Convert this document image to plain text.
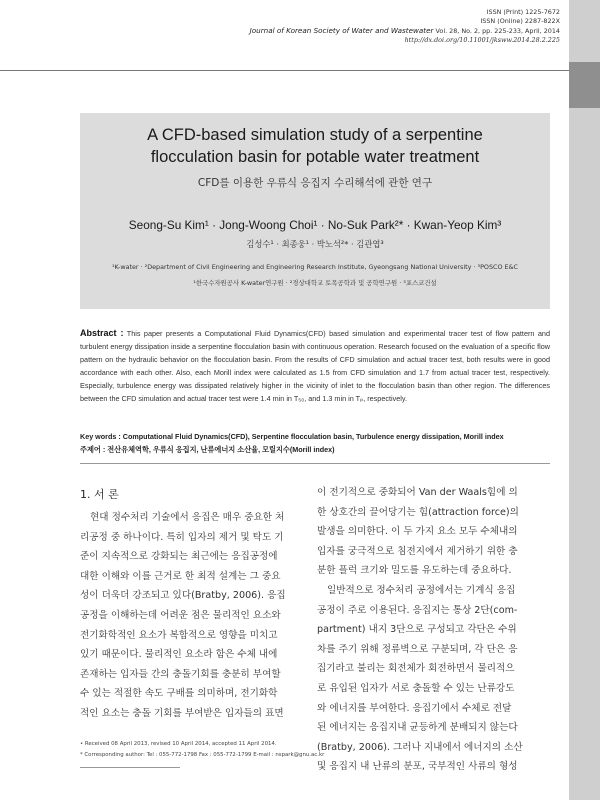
ISSN (Print) 1225-7672
ISSN (Online) 2287-822X
Journal of Korean Society of Water and Wastewater Vol. 28, No. 2, pp. 225-233, April, 2014
http://dx.doi.org/10.11001/jksww.2014.28.2.225
A CFD-based simulation study of a serpentine
flocculation basin for potable water treatment
CFD를 이용한 우류식 응집지 수리해석에 관한 연구
Seong-Su Kim¹ · Jong-Woong Choi¹ · No-Suk Park²* · Kwan-Yeop Kim³
김성수¹ · 최종웅¹ · 박노석²* · 김관엽³
¹K-water · ²Department of Civil Engineering and Engineering Research Institute, Gyeongsang National University · ³POSCO E&C
¹한국수자원공사 K-water연구원 · ²경상대학교 토목공학과 및 공학연구원 · ³포스코건설
Abstract : This paper presents a Computational Fluid Dynamics(CFD) based simulation and experimental tracer test of flow pattern and turbulent energy dissipation inside a serpentine flocculation basin with continuous operation. Research focused on the evaluation of a specific flow pattern on the hydraulic behavior on the flocculation basin. From the results of CFD simulation and actual tracer test, both results were in good accordance with each other. Also, each Morill index were calculated as 1.5 from CFD simulation and 1.7 from actual tracer test, respectively. Especially, turbulence energy was dissipated relatively higher in the vicinity of inlet to the flocculation basin than other region. The differences between the CFD simulation and actual tracer test were 1.4 min in T₅₀, and 1.3 min in Tₚ, respectively.
Key words : Computational Fluid Dynamics(CFD), Serpentine flocculation basin, Turbulence energy dissipation, Morill index
주제어 : 전산유체역학, 우류식 응집지, 난류에너지 소산율, 모릴지수(Morill index)
1. 서 론
현대 정수처리 기술에서 응집은 매우 중요한 처
리공정 중 하나이다. 특히 입자의 제거 및 탁도 기
준이 지속적으로 강화되는 최근에는 응집공정에
대한 이해와 이를 근거로 한 최적 설계는 그 중요
성이 더욱더 강조되고 있다(Bratby, 2006). 응집
공정을 이해하는데 어려운 점은 물리적인 요소와
전기화학적인 요소가 복합적으로 영향을 미치고
있기 때문이다. 물리적인 요소라 함은 수체 내에
존재하는 입자들 간의 충돌기회를 충분히 부여할
수 있는 적절한 속도 구배를 의미하며, 전기화학
적인 요소는 충돌 기회를 부여받은 입자들의 표면
이 전기적으로 중화되어 Van der Waals힘에 의
한 상호간의 끌어당기는 힘(attraction force)의
발생을 의미한다. 이 두 가지 요소 모두 수체내의
입자를 궁극적으로 침전지에서 제거하기 위한 충
분한 플럭 크기와 밀도를 유도하는데 중요하다.
일반적으로 정수처리 공정에서는 기계식 응집
공정이 주로 이용된다. 응집지는 통상 2단(com-
partment) 내지 3단으로 구성되고 각단은 수위
차를 주기 위해 정류벽으로 구분되며, 각 단은 응
집기라고 불리는 회전체가 회전하면서 물리적으
로 유입된 입자가 서로 충돌할 수 있는 난류강도
와 에너지를 부여한다. 응집기에서 수체로 전달
된 에너지는 응집지내 균등하게 분배되지 않는다
(Bratby, 2006). 그러나 지내에서 에너지의 소산
및 응집지 내 난류의 분포, 국부적인 사류의 형성
• Received 08 April 2013, revised 10 April 2014, accepted 11 April 2014.
* Corresponding author: Tel : 055-772-1798 Fax : 055-772-1799 E-mail : nspark@gnu.ac.kr
